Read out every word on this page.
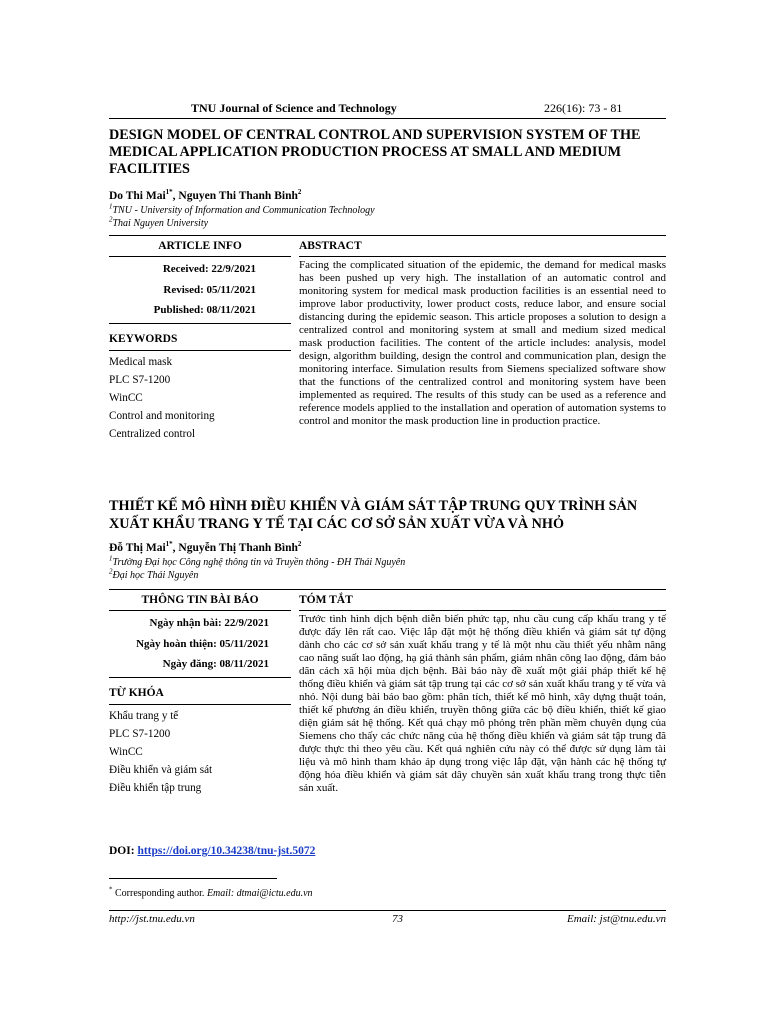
TNU Journal of Science and Technology	226(16): 73 - 81
DESIGN MODEL OF CENTRAL CONTROL AND SUPERVISION SYSTEM OF THE MEDICAL APPLICATION PRODUCTION PROCESS AT SMALL AND MEDIUM FACILITIES
Do Thi Mai$^{1*}$, Nguyen Thi Thanh Binh$^2$
$^1$TNU - University of Information and Communication Technology
$^2$Thai Nguyen University
ARTICLE INFO	ABSTRACT
Received: 22/9/2021
Revised: 05/11/2021
Published: 08/11/2021
KEYWORDS
Medical mask
PLC S7-1200
WinCC
Control and monitoring
Centralized control
Facing the complicated situation of the epidemic, the demand for medical masks has been pushed up very high. The installation of an automatic control and monitoring system for medical mask production facilities is an essential need to improve labor productivity, lower product costs, reduce labor, and ensure social distancing during the epidemic season. This article proposes a solution to design a centralized control and monitoring system at small and medium sized medical mask production facilities. The content of the article includes: analysis, model design, algorithm building, design the control and communication plan, design the monitoring interface. Simulation results from Siemens specialized software show that the functions of the centralized control and monitoring system have been implemented as required. The results of this study can be used as a reference and reference models applied to the installation and operation of automation systems to control and monitor the mask production line in production practice.
THIẾT KẾ MÔ HÌNH ĐIỀU KHIỂN VÀ GIÁM SÁT TẬP TRUNG QUY TRÌNH SẢN XUẤT KHẨU TRANG Y TẾ TẠI CÁC CƠ SỞ SẢN XUẤT VỪA VÀ NHỎ
Đỗ Thị Mai$^{1*}$, Nguyễn Thị Thanh Bình$^2$
$^1$Trường Đại học Công nghệ thông tin và Truyền thông - ĐH Thái Nguyên
$^2$Đại học Thái Nguyên
THÔNG TIN BÀI BÁO	TÓM TẮT
Ngày nhận bài: 22/9/2021
Ngày hoàn thiện: 05/11/2021
Ngày đăng: 08/11/2021
TỪ KHÓA
Khẩu trang y tế
PLC S7-1200
WinCC
Điều khiển và giám sát
Điều khiển tập trung
Trước tình hình dịch bệnh diễn biến phức tạp, nhu cầu cung cấp khẩu trang y tế được đẩy lên rất cao. Việc lắp đặt một hệ thống điều khiển và giám sát tự động dành cho các cơ sở sản xuất khẩu trang y tế là một nhu cầu thiết yếu nhằm nâng cao năng suất lao động, hạ giá thành sản phẩm, giảm nhân công lao động, đảm bảo dãn cách xã hội mùa dịch bệnh. Bài báo này đề xuất một giải pháp thiết kế hệ thống điều khiển và giám sát tập trung tại các cơ sở sản xuất khẩu trang y tế vừa và nhỏ. Nội dung bài báo bao gồm: phân tích, thiết kế mô hình, xây dựng thuật toán, thiết kế phương án điều khiển, truyền thông giữa các bộ điều khiển, thiết kế giao diện giám sát hệ thống. Kết quả chạy mô phỏng trên phần mềm chuyên dụng của Siemens cho thấy các chức năng của hệ thống điều khiển và giám sát tập trung đã được thực thi theo yêu cầu. Kết quả nghiên cứu này có thể được sử dụng làm tài liệu và mô hình tham khảo áp dụng trong việc lắp đặt, vận hành các hệ thống tự động hóa điều khiển và giám sát dây chuyền sản xuất khẩu trang trong thực tiễn sản xuất.
DOI: https://doi.org/10.34238/tnu-jst.5072
* Corresponding author. Email: dtmai@ictu.edu.vn
http://jst.tnu.edu.vn	73	Email: jst@tnu.edu.vn
